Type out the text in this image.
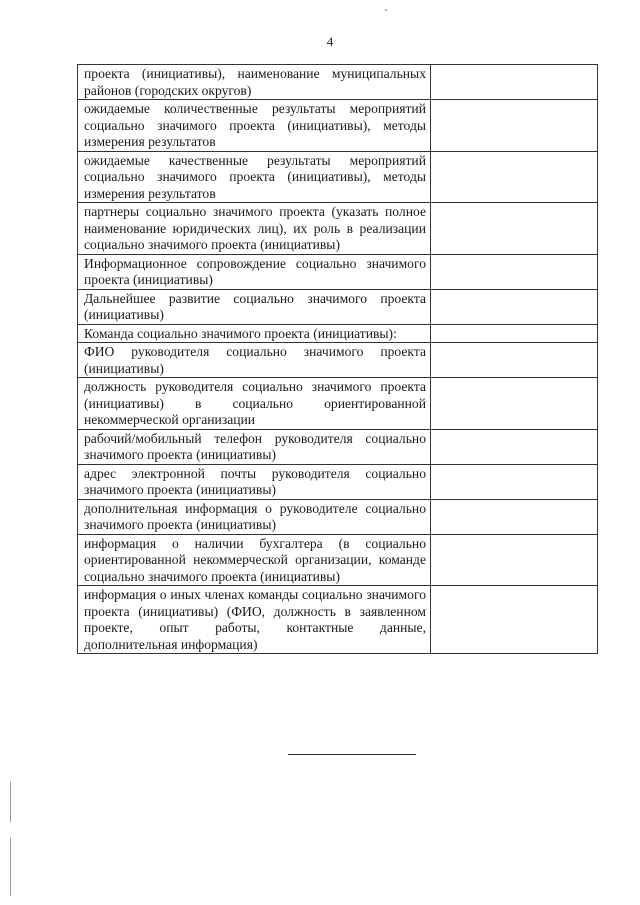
4
проекта (инициативы), наименование муниципальных районов (городских округов)	
ожидаемые количественные результаты мероприятий социально значимого проекта (инициативы), методы измерения результатов	
ожидаемые качественные результаты мероприятий социально значимого проекта (инициативы), методы измерения результатов	
партнеры социально значимого проекта (указать полное наименование юридических лиц), их роль в реализации социально значимого проекта (инициативы)	
Информационное сопровождение социально значимого проекта (инициативы)	
Дальнейшее развитие социально значимого проекта (инициативы)	
Команда социально значимого проекта (инициативы):	
ФИО руководителя социально значимого проекта (инициативы)	
должность руководителя социально значимого проекта (инициативы) в социально ориентированной некоммерческой организации	
рабочий/мобильный телефон руководителя социально значимого проекта (инициативы)	
адрес электронной почты руководителя социально значимого проекта (инициативы)	
дополнительная информация о руководителе социально значимого проекта (инициативы)	
информация о наличии бухгалтера (в социально ориентированной некоммерческой организации, команде социально значимого проекта (инициативы)	
информация о иных членах команды социально значимого проекта (инициативы) (ФИО, должность в заявленном проекте, опыт работы, контактные данные, дополнительная информация)	
